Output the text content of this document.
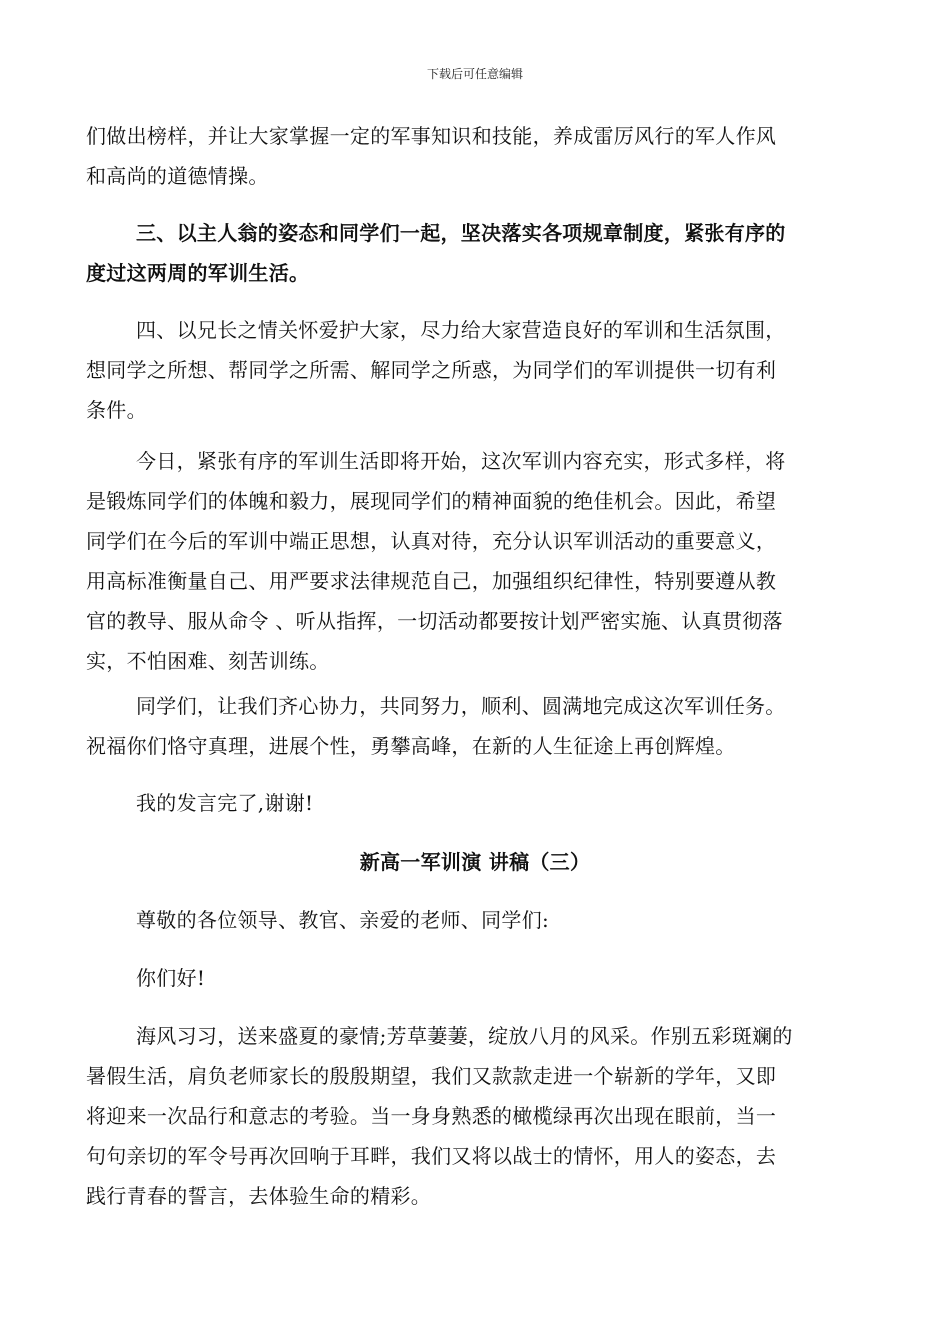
下载后可任意编辑
们做出榜样，并让大家掌握一定的军事知识和技能，养成雷厉风行的军人作风
和高尚的道德情操。
三、以主人翁的姿态和同学们一起，坚决落实各项规章制度，紧张有序的
度过这两周的军训生活。
四、以兄长之情关怀爱护大家，尽力给大家营造良好的军训和生活氛围，
想同学之所想、帮同学之所需、解同学之所惑，为同学们的军训提供一切有利
条件。
今日，紧张有序的军训生活即将开始，这次军训内容充实，形式多样，将
是锻炼同学们的体魄和毅力，展现同学们的精神面貌的绝佳机会。因此，希望
同学们在今后的军训中端正思想，认真对待，充分认识军训活动的重要意义，
用高标准衡量自己、用严要求法律规范自己，加强组织纪律性，特别要遵从教
官的教导、服从命令 、听从指挥，一切活动都要按计划严密实施、认真贯彻落
实，不怕困难、刻苦训练。
同学们，让我们齐心协力，共同努力，顺利、圆满地完成这次军训任务。
祝福你们恪守真理，进展个性，勇攀高峰，在新的人生征途上再创辉煌。
我的发言完了,谢谢!
新高一军训演 讲稿（三）
尊敬的各位领导、教官、亲爱的老师、同学们:
你们好!
海风习习，送来盛夏的豪情;芳草萋萋，绽放八月的风采。作别五彩斑斓的
暑假生活，肩负老师家长的殷殷期望，我们又款款走进一个崭新的学年，又即
将迎来一次品行和意志的考验。当一身身熟悉的橄榄绿再次出现在眼前，当一
句句亲切的军令号再次回响于耳畔，我们又将以战士的情怀，用人的姿态，去
践行青春的誓言，去体验生命的精彩。
